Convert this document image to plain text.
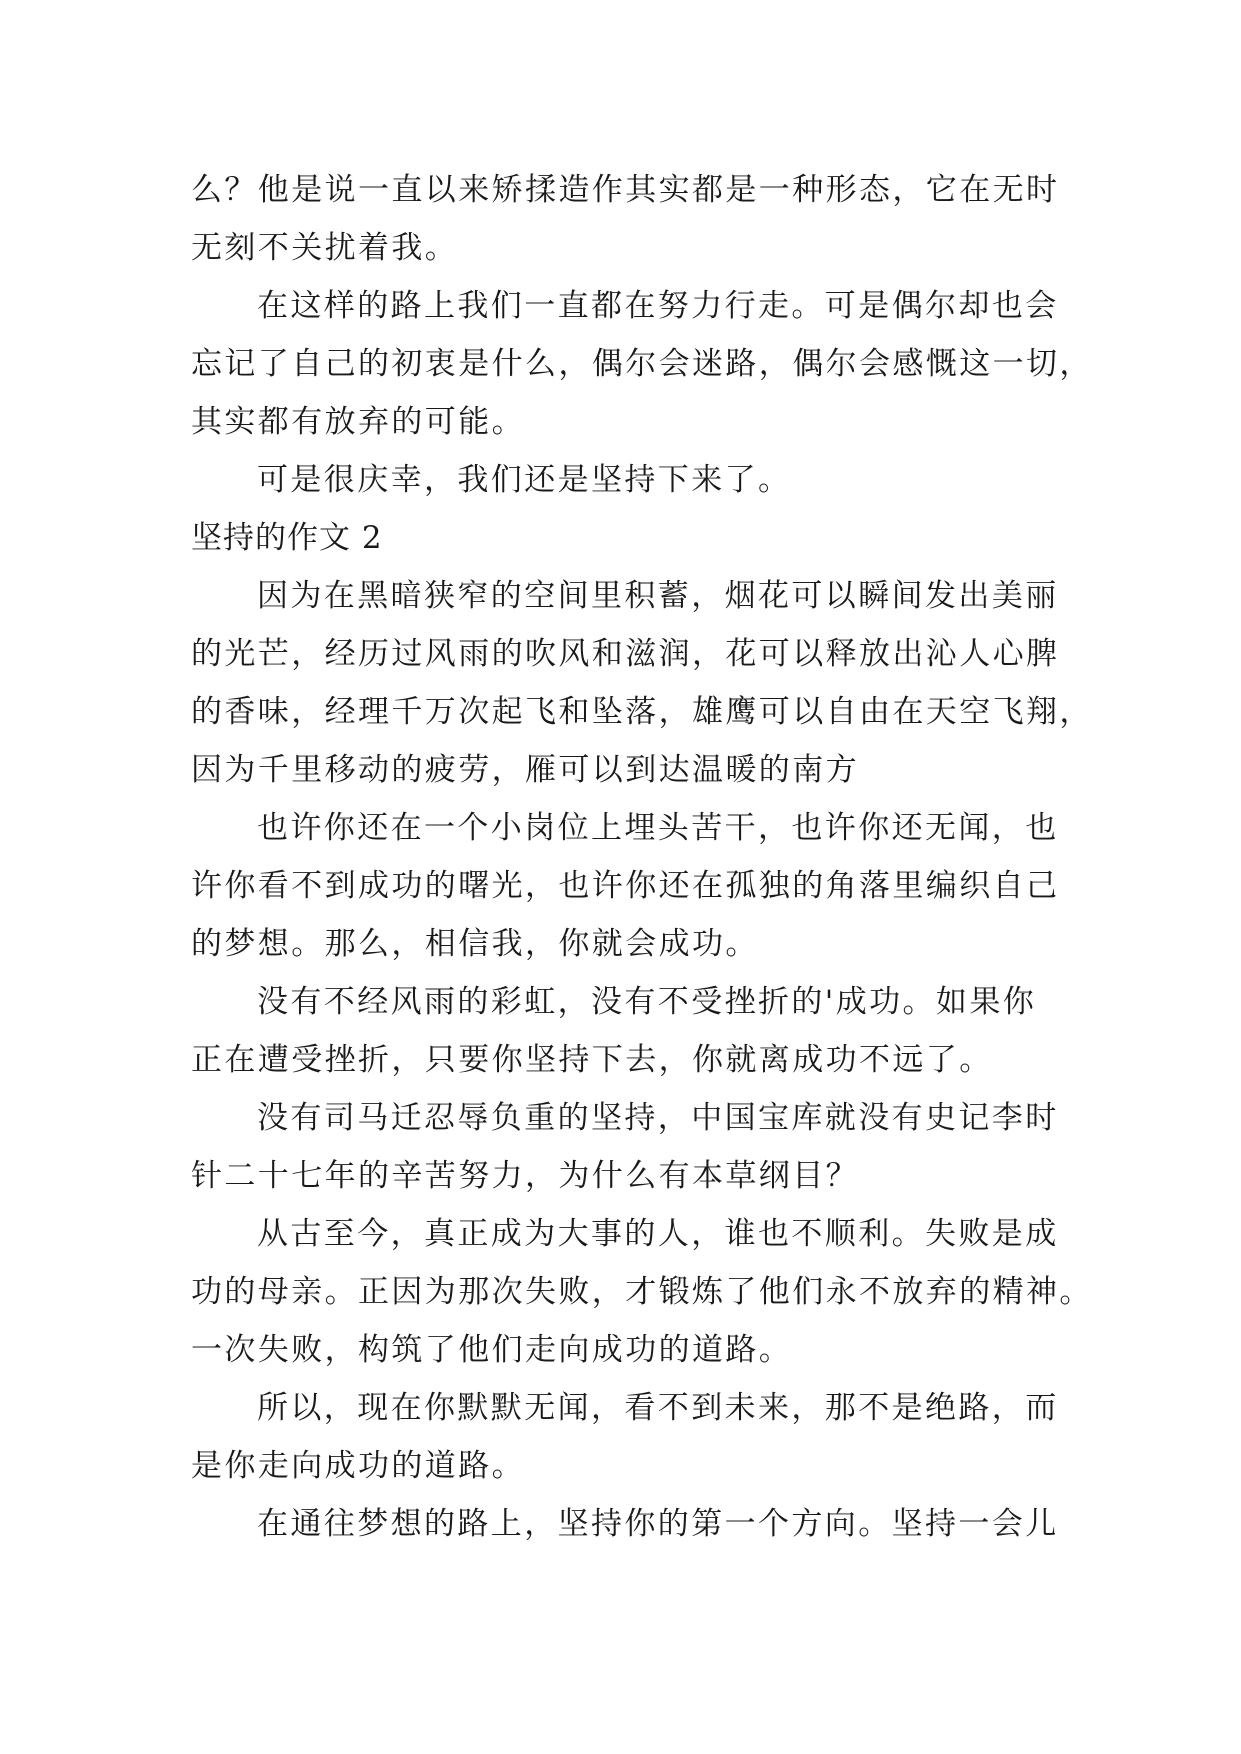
么？他是说一直以来矫揉造作其实都是一种形态，它在无时
无刻不关扰着我。
在这样的路上我们一直都在努力行走。可是偶尔却也会
忘记了自己的初衷是什么，偶尔会迷路，偶尔会感慨这一切，
其实都有放弃的可能。
可是很庆幸，我们还是坚持下来了。
坚持的作文 2
因为在黑暗狭窄的空间里积蓄，烟花可以瞬间发出美丽
的光芒，经历过风雨的吹风和滋润，花可以释放出沁人心脾
的香味，经理千万次起飞和坠落，雄鹰可以自由在天空飞翔，
因为千里移动的疲劳，雁可以到达温暖的南方
也许你还在一个小岗位上埋头苦干，也许你还无闻，也
许你看不到成功的曙光，也许你还在孤独的角落里编织自己
的梦想。那么，相信我，你就会成功。
没有不经风雨的彩虹，没有不受挫折的'成功。如果你
正在遭受挫折，只要你坚持下去，你就离成功不远了。
没有司马迁忍辱负重的坚持，中国宝库就没有史记李时
针二十七年的辛苦努力，为什么有本草纲目？
从古至今，真正成为大事的人，谁也不顺利。失败是成
功的母亲。正因为那次失败，才锻炼了他们永不放弃的精神。
一次失败，构筑了他们走向成功的道路。
所以，现在你默默无闻，看不到未来，那不是绝路，而
是你走向成功的道路。
在通往梦想的路上，坚持你的第一个方向。坚持一会儿
